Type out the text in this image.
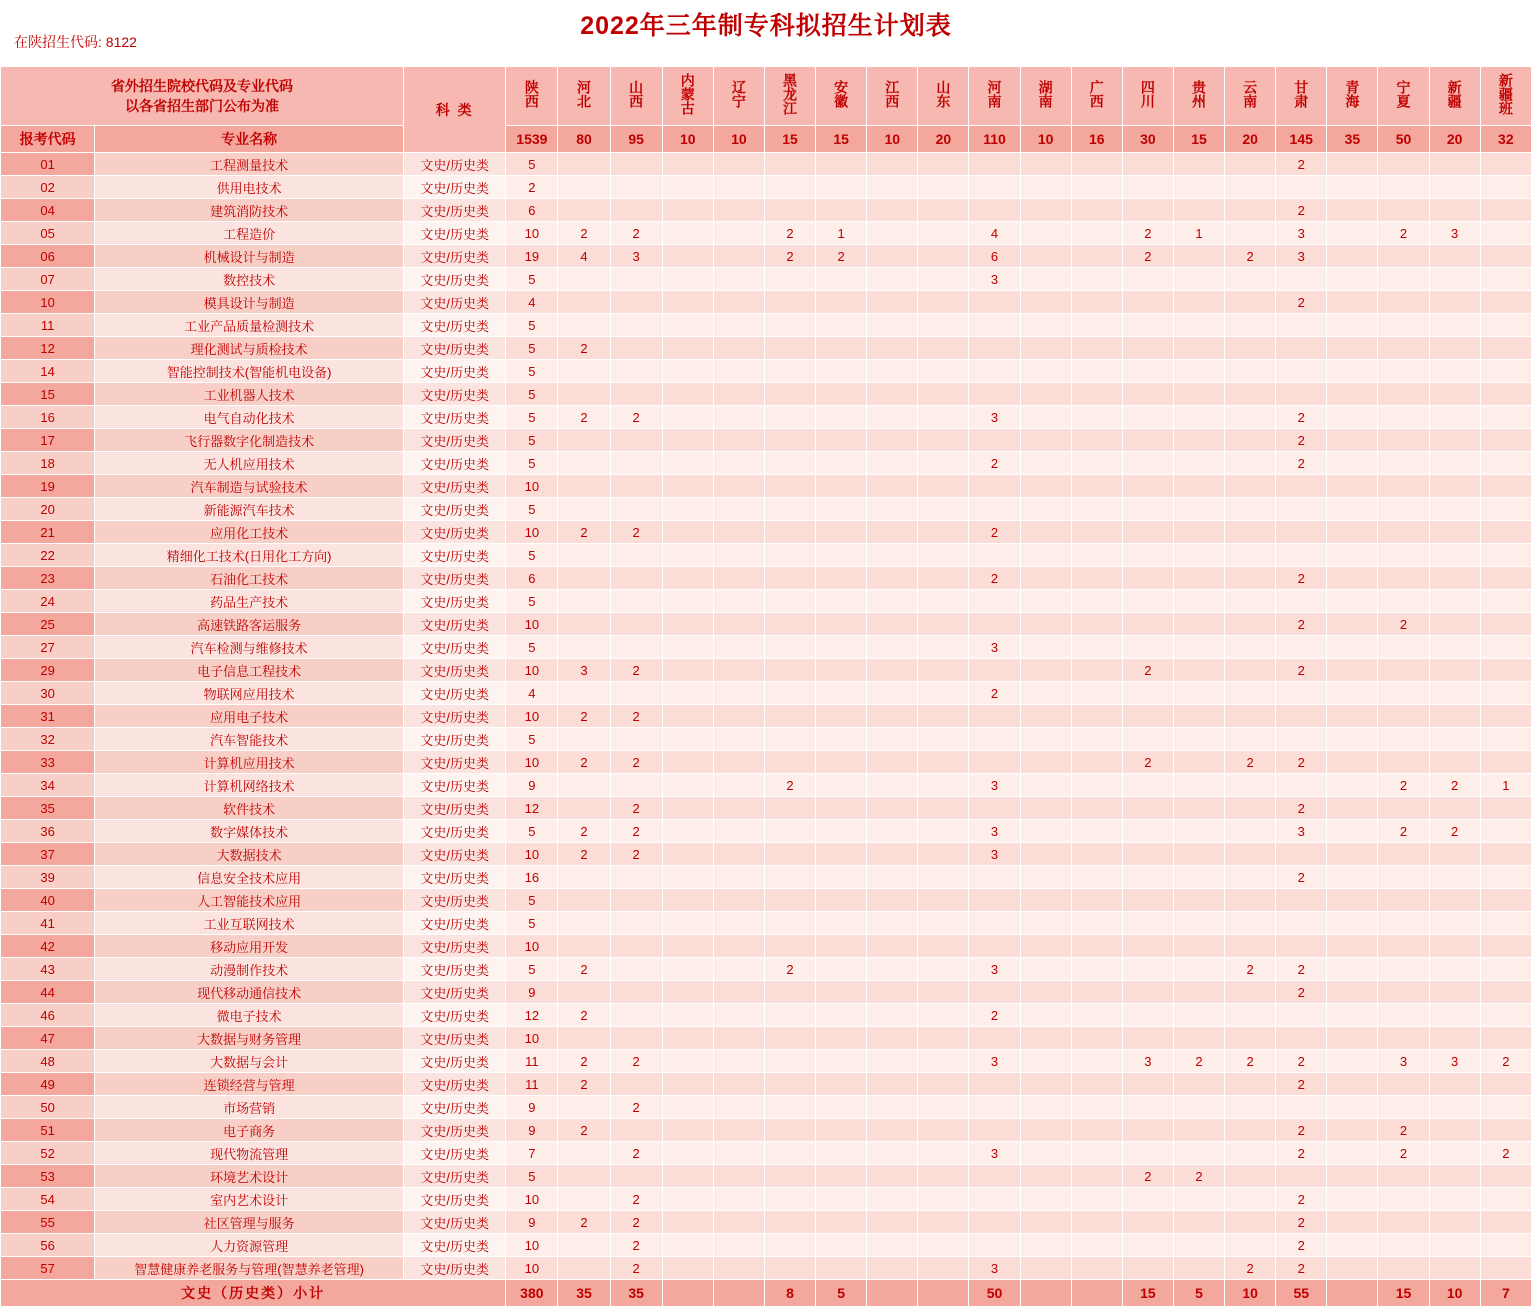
2022年三年制专科拟招生计划表
在陕招生代码: 8122
省外招生院校代码及专业代码
以各省招生部门公布为准		科 类	陕西	河北	山西	内蒙古	辽宁	黑龙江	安徽	江西	山东	河南	湖南	广西	四川	贵州	云南	甘肃	青海	宁夏	新疆	新疆班
报考代码	专业名称		1539	80	95	10	10	15	15	10	20	110	10	16	30	15	20	145	35	50	20	32
01	工程测量技术	文史/历史类	5															2				
02	供用电技术	文史/历史类	2																			
04	建筑消防技术	文史/历史类	6															2				
05	工程造价	文史/历史类	10	2	2			2	1			4			2	1		3		2	3	
06	机械设计与制造	文史/历史类	19	4	3			2	2			6			2		2	3				
07	数控技术	文史/历史类	5									3										
10	模具设计与制造	文史/历史类	4															2				
11	工业产品质量检测技术	文史/历史类	5																			
12	理化测试与质检技术	文史/历史类	5	2																		
14	智能控制技术(智能机电设备)	文史/历史类	5																			
15	工业机器人技术	文史/历史类	5																			
16	电气自动化技术	文史/历史类	5	2	2							3						2				
17	飞行器数字化制造技术	文史/历史类	5															2				
18	无人机应用技术	文史/历史类	5									2						2				
19	汽车制造与试验技术	文史/历史类	10																			
20	新能源汽车技术	文史/历史类	5																			
21	应用化工技术	文史/历史类	10	2	2							2										
22	精细化工技术(日用化工方向)	文史/历史类	5																			
23	石油化工技术	文史/历史类	6									2						2				
24	药品生产技术	文史/历史类	5																			
25	高速铁路客运服务	文史/历史类	10															2		2		
27	汽车检测与维修技术	文史/历史类	5									3										
29	电子信息工程技术	文史/历史类	10	3	2										2			2				
30	物联网应用技术	文史/历史类	4									2										
31	应用电子技术	文史/历史类	10	2	2																	
32	汽车智能技术	文史/历史类	5																			
33	计算机应用技术	文史/历史类	10	2	2										2		2	2				
34	计算机网络技术	文史/历史类	9					2				3								2	2	1
35	软件技术	文史/历史类	12		2													2				
36	数字媒体技术	文史/历史类	5	2	2							3						3		2	2	
37	大数据技术	文史/历史类	10	2	2							3										
39	信息安全技术应用	文史/历史类	16															2				
40	人工智能技术应用	文史/历史类	5																			
41	工业互联网技术	文史/历史类	5																			
42	移动应用开发	文史/历史类	10																			
43	动漫制作技术	文史/历史类	5	2				2				3					2	2				
44	现代移动通信技术	文史/历史类	9															2				
46	微电子技术	文史/历史类	12	2								2										
47	大数据与财务管理	文史/历史类	10																			
48	大数据与会计	文史/历史类	11	2	2							3			3	2	2	2		3	3	2
49	连锁经营与管理	文史/历史类	11	2														2				
50	市场营销	文史/历史类	9		2																	
51	电子商务	文史/历史类	9	2														2		2		
52	现代物流管理	文史/历史类	7		2							3						2		2		2
53	环境艺术设计	文史/历史类	5												2	2						
54	室内艺术设计	文史/历史类	10		2													2				
55	社区管理与服务	文史/历史类	9	2	2													2				
56	人力资源管理	文史/历史类	10		2													2				
57	智慧健康养老服务与管理(智慧养老管理)	文史/历史类	10		2							3					2	2				
文史（历史类）小计			380	35	35			8	5			50			15	5	10	55		15	10	7
